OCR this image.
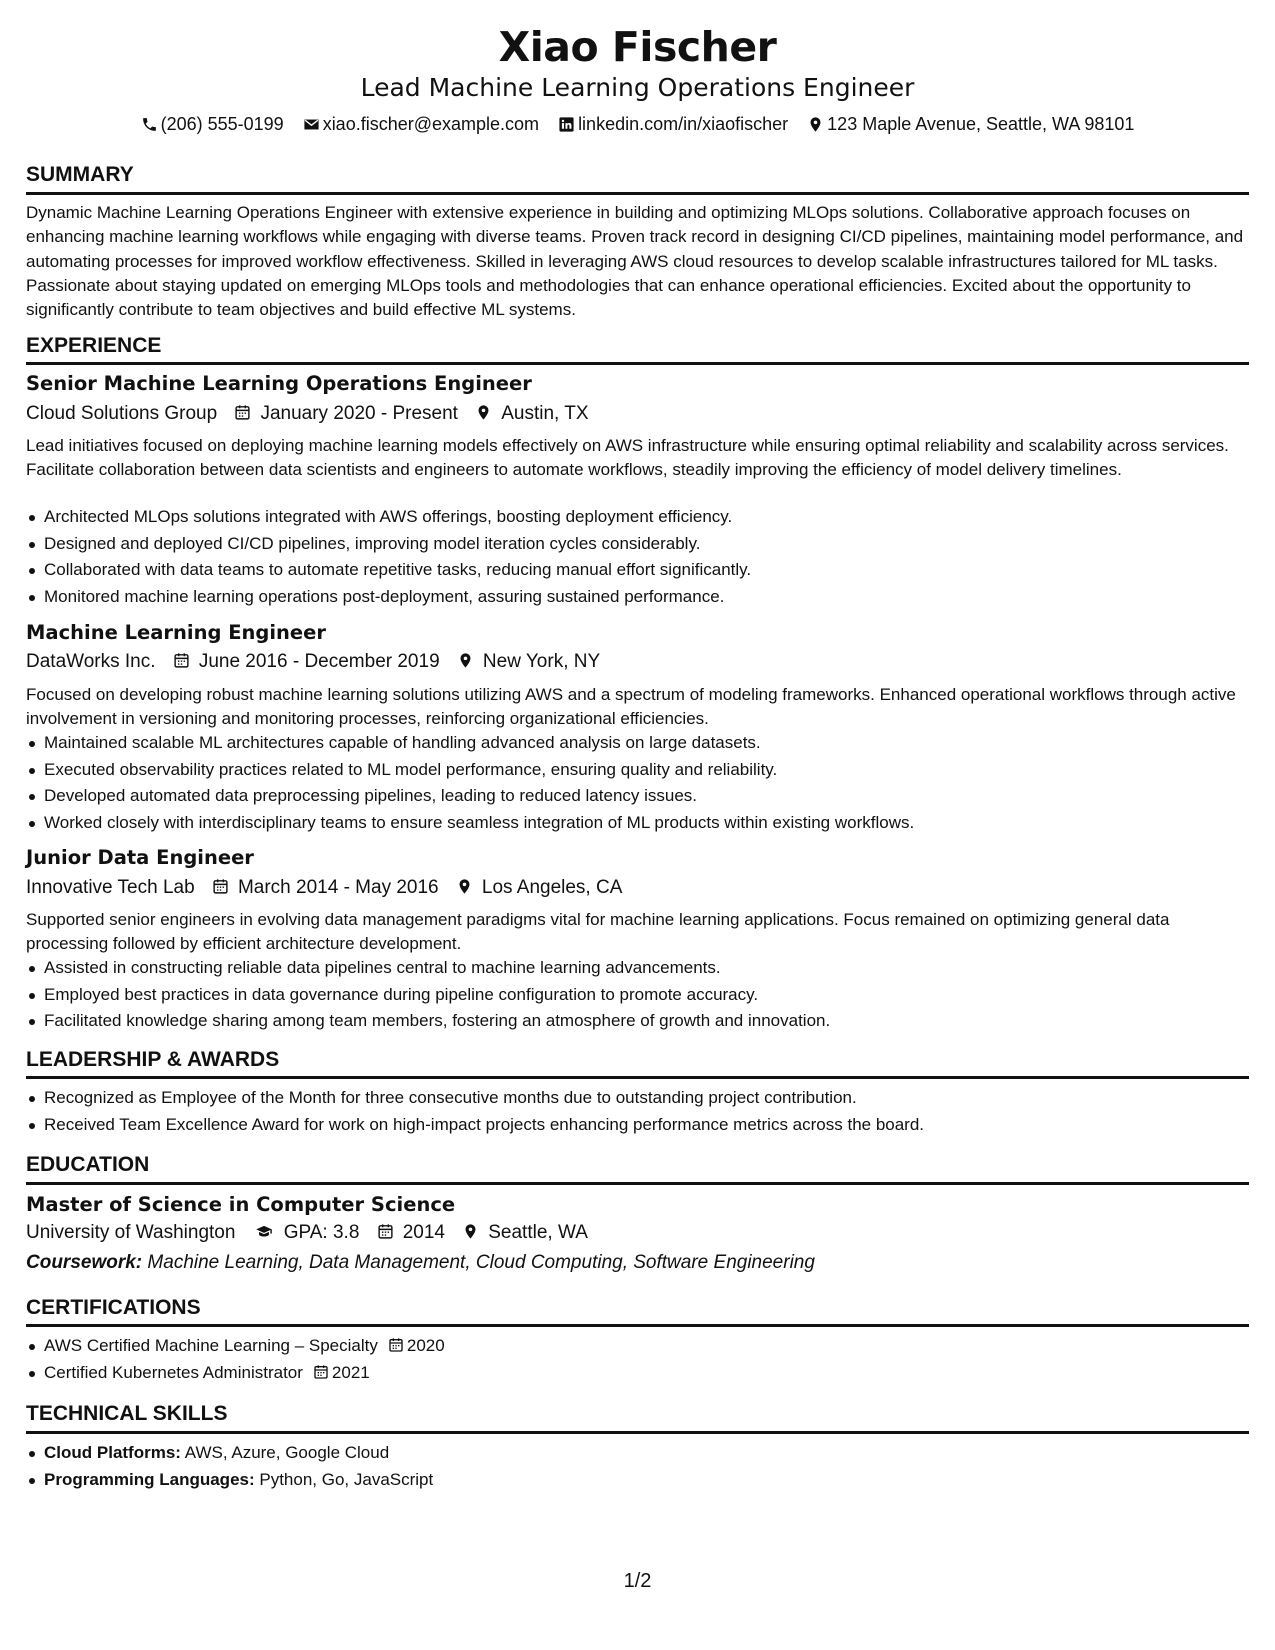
Xiao Fischer
Lead Machine Learning Operations Engineer
(206) 555-0199 xiao.fischer@example.com linkedin.com/in/xiaofischer 123 Maple Avenue, Seattle, WA 98101
SUMMARY

Dynamic Machine Learning Operations Engineer with extensive experience in building and optimizing MLOps solutions. Collaborative approach focuses on enhancing machine learning workflows while engaging with diverse teams. Proven track record in designing CI/CD pipelines, maintaining model performance, and automating processes for improved workflow effectiveness. Skilled in leveraging AWS cloud resources to develop scalable infrastructures tailored for ML tasks. Passionate about staying updated on emerging MLOps tools and methodologies that can enhance operational efficiencies. Excited about the opportunity to significantly contribute to team objectives and build effective ML systems.

EXPERIENCE
Senior Machine Learning Operations Engineer
Cloud Solutions Group January 2020 - Present Austin, TX

Lead initiatives focused on deploying machine learning models effectively on AWS infrastructure while ensuring optimal reliability and scalability across services. Facilitate collaboration between data scientists and engineers to automate workflows, steadily improving the efficiency of model delivery timelines.

Architected MLOps solutions integrated with AWS offerings, boosting deployment efficiency.
Designed and deployed CI/CD pipelines, improving model iteration cycles considerably.
Collaborated with data teams to automate repetitive tasks, reducing manual effort significantly.
Monitored machine learning operations post-deployment, assuring sustained performance.
Machine Learning Engineer
DataWorks Inc. June 2016 - December 2019 New York, NY

Focused on developing robust machine learning solutions utilizing AWS and a spectrum of modeling frameworks. Enhanced operational workflows through active involvement in versioning and monitoring processes, reinforcing organizational efficiencies.

Maintained scalable ML architectures capable of handling advanced analysis on large datasets.
Executed observability practices related to ML model performance, ensuring quality and reliability.
Developed automated data preprocessing pipelines, leading to reduced latency issues.
Worked closely with interdisciplinary teams to ensure seamless integration of ML products within existing workflows.
Junior Data Engineer
Innovative Tech Lab March 2014 - May 2016 Los Angeles, CA

Supported senior engineers in evolving data management paradigms vital for machine learning applications. Focus remained on optimizing general data processing followed by efficient architecture development.

Assisted in constructing reliable data pipelines central to machine learning advancements.
Employed best practices in data governance during pipeline configuration to promote accuracy.
Facilitated knowledge sharing among team members, fostering an atmosphere of growth and innovation.
LEADERSHIP & AWARDS
Recognized as Employee of the Month for three consecutive months due to outstanding project contribution.
Received Team Excellence Award for work on high-impact projects enhancing performance metrics across the board.
EDUCATION
Master of Science in Computer Science
University of Washington	GPA: 3.8 2014 Seattle, WA
Coursework: Machine Learning, Data Management, Cloud Computing, Software Engineering
CERTIFICATIONS
AWS Certified Machine Learning – Specialty 2020
Certified Kubernetes Administrator 2021
TECHNICAL SKILLS
Cloud Platforms: AWS, Azure, Google Cloud
Programming Languages: Python, Go, JavaScript
1/2
